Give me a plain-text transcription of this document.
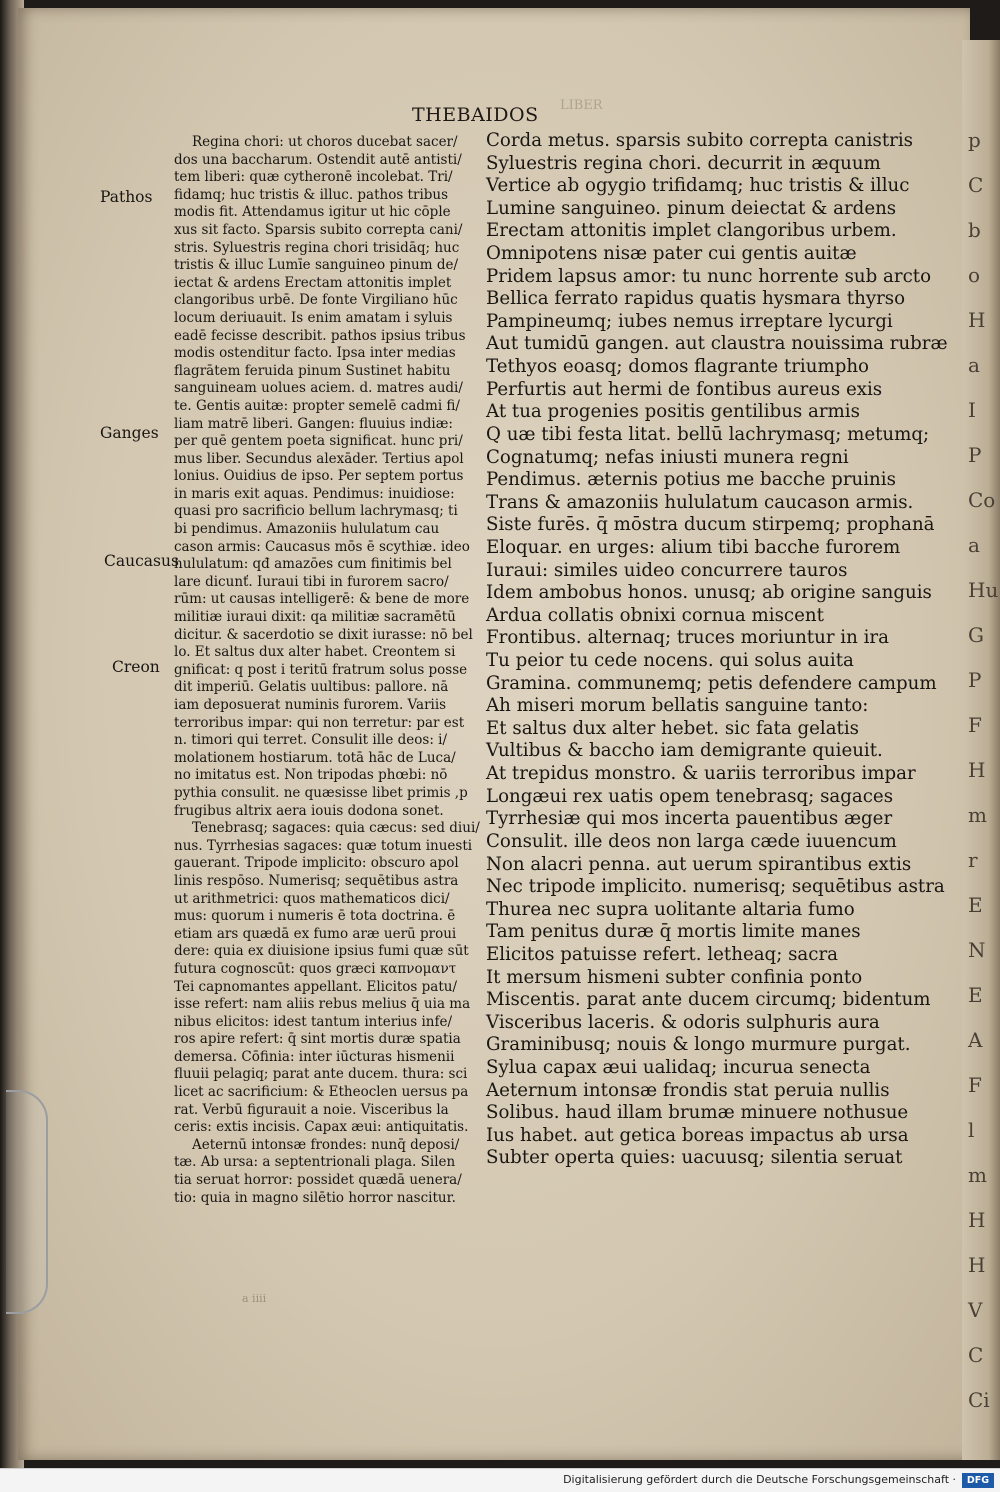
p
C
b
o
H
a
I
P
Co
a
Hu
G
P
F
H
m
r
E
N
E
A
F
l
m
H
H
V
C
Ci
LIBER
THEBAIDOS
Pathos
Ganges
Caucasus
Creon
Regina chori: ut choros ducebat sacer/
dos una baccharum. Ostendit autē antisti/
tem liberi: quæ cytheronē incolebat. Tri/
fidamq; huc tristis & illuc. pathos tribus
modis fit. Attendamus igitur ut hic cōple
xus sit facto. Sparsis subito correpta cani/
stris. Syluestris regina chori trisidāq; huc
tristis & illuc Lumīe sanguineo pinum de/
iectat & ardens Erectam attonitis implet
clangoribus urbē. De fonte Virgiliano hūc
locum deriuauit. Is enim amatam i syluis
eadē fecisse describit. pathos ipsius tribus
modis ostenditur facto. Ipsa inter medias
flagrātem feruida pinum Sustinet habitu
sanguineam uolues aciem. d. matres audi/
te. Gentis auitæ: propter semelē cadmi fi/
liam matrē liberi. Gangen: fluuius indiæ:
per quē gentem poeta significat. hunc pri/
mus liber. Secundus alexāder. Tertius apol
lonius. Ouidius de ipso. Per septem portus
in maris exit aquas. Pendimus: inuidiose:
quasi pro sacrificio bellum lachrymasq; ti
bi pendimus. Amazoniis hululatum cau
cason armis: Caucasus mōs ē scythiæ. ideo
hululatum: qđ amazōes cum finitimis bel
lare dicunť. Iuraui tibi in furorem sacro/
rūm: ut causas intelligerē: & bene de more
militiæ iuraui dixit: qa militiæ sacramētū
dicitur. & sacerdotio se dixit iurasse: nō bel
lo. Et saltus dux alter habet. Creontem si
gnificat: q post i teritū fratrum solus posse
dit imperiū. Gelatis uultibus: pallore. nā
iam deposuerat numinis furorem. Variis
terroribus impar: qui non terretur: par est
n. timori qui terret. Consulit ille deos: i/
molationem hostiarum. totā hāc de Luca/
no imitatus est. Non tripodas phœbi: nō
pythia consulit. ne quæsisse libet primis ,p
frugibus altrix aera iouis dodona sonet.
Tenebrasq; sagaces: quia cæcus: sed diui/
nus. Tyrrhesias sagaces: quæ totum inuesti
gauerant. Tripode implicito: obscuro apol
linis respōso. Numerisq; sequētibus astra
ut arithmetrici: quos mathematicos dici/
mus: quorum i numeris ē tota doctrina. ē
etiam ars quædā ex fumo aræ uerū proui
dere: quia ex diuisione ipsius fumi quæ sūt
futura cognoscūt: quos græci καπνομαντ
Tei capnomantes appellant. Elicitos patu/
isse refert: nam aliis rebus melius q̄ uia ma
nibus elicitos: idest tantum interius infe/
ros apire refert: q̄ sint mortis duræ spatia
demersa. Cōfinia: inter iūcturas hismenii
fluuii pelagiq; parat ante ducem. thura: sci
licet ac sacrificium: & Etheoclen uersus pa
rat. Verbū figurauit a noie. Visceribus la
ceris: extis incisis. Capax æui: antiquitatis.
Aeternū intonsæ frondes: nunq̄ deposi/
tæ. Ab ursa: a septentrionali plaga. Silen
tia seruat horror: possidet quædā uenera/
tio: quia in magno silētio horror nascitur.
Corda metus. sparsis subito correpta canistris
Syluestris regina chori. decurrit in æquum
Vertice ab ogygio trifidamq; huc tristis & illuc
Lumine sanguineo. pinum deiectat & ardens
Erectam attonitis implet clangoribus urbem.
Omnipotens nisæ pater cui gentis auitæ
Pridem lapsus amor: tu nunc horrente sub arcto
Bellica ferrato rapidus quatis hysmara thyrso
Pampineumq; iubes nemus irreptare lycurgi
Aut tumidū gangen. aut claustra nouissima rubræ
Tethyos eoasq; domos flagrante triumpho
Perfurtis aut hermi de fontibus aureus exis
At tua progenies positis gentilibus armis
Q uæ tibi festa litat. bellū lachrymasq; metumq;
Cognatumq; nefas iniusti munera regni
Pendimus. æternis potius me bacche pruinis
Trans & amazoniis hululatum caucason armis.
Siste furēs. q̄ mōstra ducum stirpemq; prophanā
Eloquar. en urges: alium tibi bacche furorem
Iuraui: similes uideo concurrere tauros
Idem ambobus honos. unusq; ab origine sanguis
Ardua collatis obnixi cornua miscent
Frontibus. alternaq; truces moriuntur in ira
Tu peior tu cede nocens. qui solus auita
Gramina. communemq; petis defendere campum
Ah miseri morum bellatis sanguine tanto:
Et saltus dux alter hebet. sic fata gelatis
Vultibus & baccho iam demigrante quieuit.
At trepidus monstro. & uariis terroribus impar
Longæui rex uatis opem tenebrasq; sagaces
Tyrrhesiæ qui mos incerta pauentibus æger
Consulit. ille deos non larga cæde iuuencum
Non alacri penna. aut uerum spirantibus extis
Nec tripode implicito. numerisq; sequētibus astra
Thurea nec supra uolitante altaria fumo
Tam penitus duræ q̄ mortis limite manes
Elicitos patuisse refert. letheaq; sacra
It mersum hismeni subter confinia ponto
Miscentis. parat ante ducem circumq; bidentum
Visceribus laceris. & odoris sulphuris aura
Graminibusq; nouis & longo murmure purgat.
Sylua capax æui ualidaq; incurua senecta
Aeternum intonsæ frondis stat peruia nullis
Solibus. haud illam brumæ minuere nothusue
Ius habet. aut getica boreas impactus ab ursa
Subter operta quies: uacuusq; silentia seruat
a iiii
Digitalisierung gefördert durch die Deutsche Forschungsgemeinschaft ·	DFG
